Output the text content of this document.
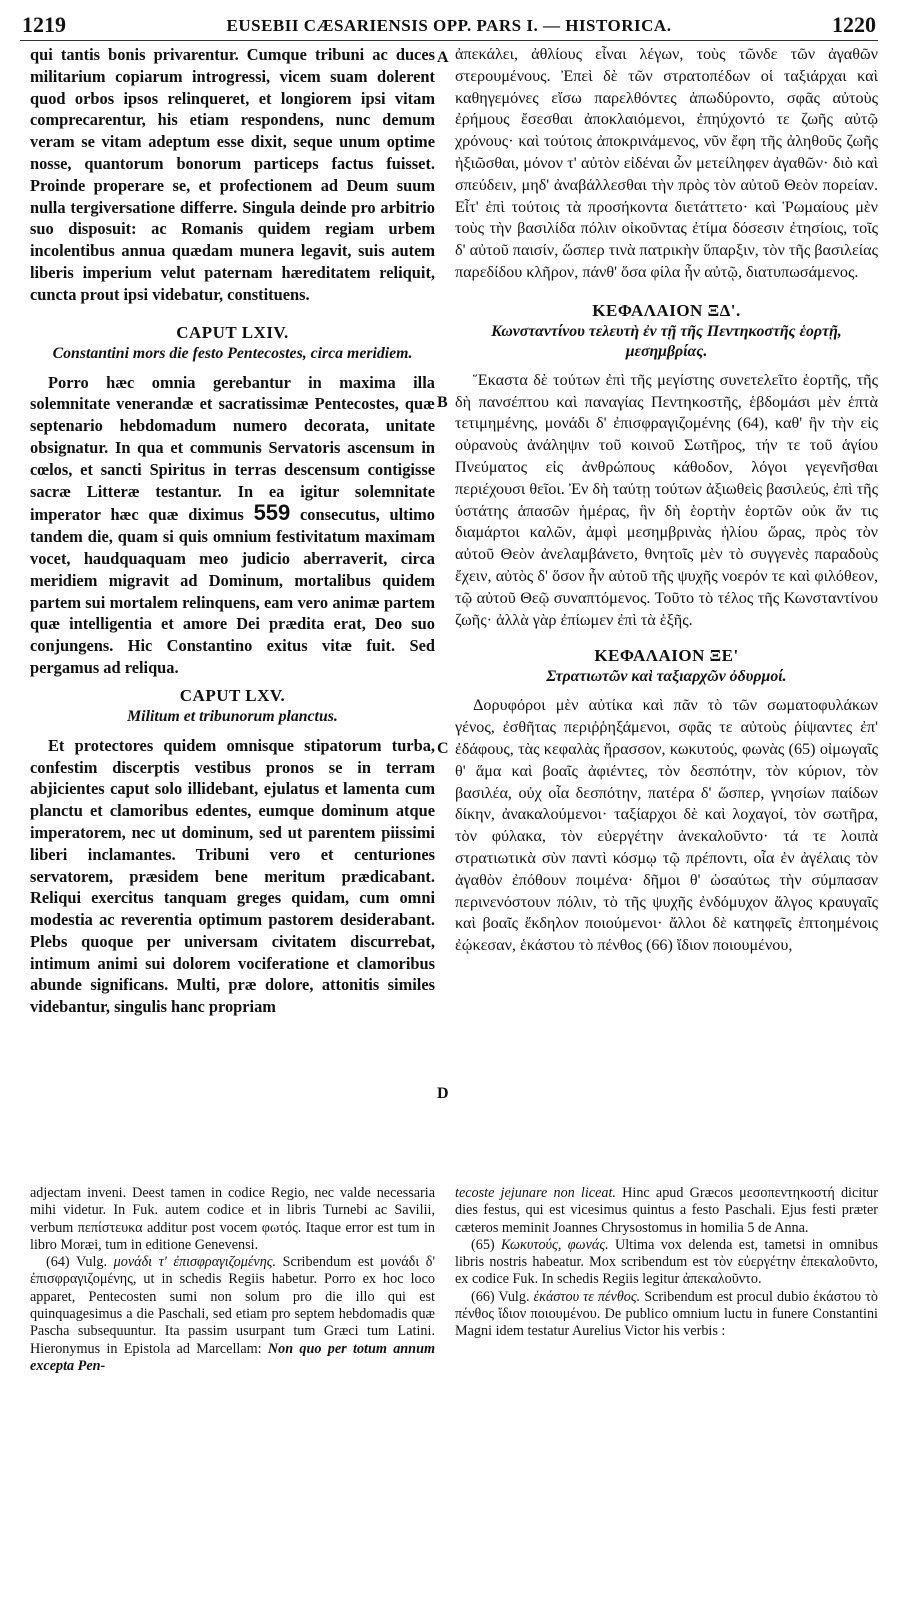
1219	EUSEBII CÆSARIENSIS OPP. PARS I. — HISTORICA.	1220
A
B
C
D

qui tantis bonis privarentur. Cumque tribuni ac duces militarium copiarum introgressi, vicem suam dolerent quod orbos ipsos relinqueret, et longiorem ipsi vitam comprecarentur, his etiam respondens, nunc demum veram se vitam adeptum esse dixit, seque unum optime nosse, quantorum bonorum particeps factus fuisset. Proinde properare se, et profectionem ad Deum suum nulla tergiversatione differre. Singula deinde pro arbitrio suo disposuit: ac Romanis quidem regiam urbem incolentibus annua quædam munera legavit, suis autem liberis imperium velut paternam hæreditatem reliquit, cuncta prout ipsi videbatur, constituens.

CAPUT LXIV.
Constantini mors die festo Pentecostes, circa meridiem.

Porro hæc omnia gerebantur in maxima illa solemnitate venerandæ et sacratissimæ Pentecostes, quæ septenario hebdomadum numero decorata, unitate obsignatur. In qua et communis Servatoris ascensum in cœlos, et sancti Spiritus in terras descensum contigisse sacræ Litteræ testantur. In ea igitur solemnitate imperator hæc quæ diximus 559 consecutus, ultimo tandem die, quam si quis omnium festivitatum maximam vocet, haudquaquam meo judicio aberraverit, circa meridiem migravit ad Dominum, mortalibus quidem partem sui mortalem relinquens, eam vero animæ partem quæ intelligentia et amore Dei prædita erat, Deo suo conjungens. Hic Constantino exitus vitæ fuit. Sed pergamus ad reliqua.

CAPUT LXV.
Militum et tribunorum planctus.

Et protectores quidem omnisque stipatorum turba, confestim discerptis vestibus pronos se in terram abjicientes caput solo illidebant, ejulatus et lamenta cum planctu et clamoribus edentes, eumque dominum atque imperatorem, nec ut dominum, sed ut parentem piissimi liberi inclamantes. Tribuni vero et centuriones servatorem, præsidem bene meritum prædicabant. Reliqui exercitus tanquam greges quidam, cum omni modestia ac reverentia optimum pastorem desiderabant. Plebs quoque per universam civitatem discurrebat, intimum animi sui dolorem vociferatione et clamoribus abunde significans. Multi, præ dolore, attonitis similes videbantur, singulis hanc propriam

ἀπεκάλει, ἀθλίους εἶναι λέγων, τοὺς τῶνδε τῶν ἀγαθῶν στερουμένους. Ἐπεὶ δὲ τῶν στρατοπέδων οἱ ταξιάρχαι καὶ καθηγεμόνες εἴσω παρελθόντες ἀπωδύροντο, σφᾶς αὐτοὺς ἐρήμους ἔσεσθαι ἀποκλαιόμενοι, ἐπηύχοντό τε ζωῆς αὐτῷ χρόνους· καὶ τούτοις ἀποκρινάμενος, νῦν ἔφη τῆς ἀληθοῦς ζωῆς ἠξιῶσθαι, μόνον τ' αὐτὸν εἰδέναι ὧν μετείληφεν ἀγαθῶν· διὸ καὶ σπεύδειν, μηδ' ἀναβάλλεσθαι τὴν πρὸς τὸν αὐτοῦ Θεὸν πορείαν. Εἶτ' ἐπὶ τούτοις τὰ προσήκοντα διετάττετο· καὶ Ῥωμαίους μὲν τοὺς τὴν βασιλίδα πόλιν οἰκοῦντας ἐτίμα δόσεσιν ἐτησίοις, τοῖς δ' αὐτοῦ παισίν, ὥσπερ τινὰ πατρικὴν ὕπαρξιν, τὸν τῆς βασιλείας παρεδίδου κλῆρον, πάνθ' ὅσα φίλα ἦν αὐτῷ, διατυπωσάμενος.

ΚΕΦΑΛΑΙΟΝ ΞΔ'.
Κωνσταντίνου τελευτὴ ἐν τῇ τῆς Πεντηκοστῆς ἑορτῇ, μεσημβρίας.

Ἕκαστα δὲ τούτων ἐπὶ τῆς μεγίστης συνετελεῖτο ἑορτῆς, τῆς δὴ πανσέπτου καὶ παναγίας Πεντηκοστῆς, ἑβδομάσι μὲν ἑπτὰ τετιμημένης, μονάδι δ' ἐπισφραγιζομένης (64), καθ' ἣν τὴν εἰς οὐρανοὺς ἀνάληψιν τοῦ κοινοῦ Σωτῆρος, τήν τε τοῦ ἁγίου Πνεύματος εἰς ἀνθρώπους κάθοδον, λόγοι γεγενῆσθαι περιέχουσι θεῖοι. Ἐν δὴ ταύτῃ τούτων ἀξιωθεὶς βασιλεύς, ἐπὶ τῆς ὑστάτης ἁπασῶν ἡμέρας, ἣν δὴ ἑορτὴν ἑορτῶν οὐκ ἄν τις διαμάρτοι καλῶν, ἀμφὶ μεσημβρινὰς ἡλίου ὥρας, πρὸς τὸν αὐτοῦ Θεὸν ἀνελαμβάνετο, θνητοῖς μὲν τὸ συγγενὲς παραδοὺς ἔχειν, αὐτὸς δ' ὅσον ἦν αὐτοῦ τῆς ψυχῆς νοερόν τε καὶ φιλόθεον, τῷ αὐτοῦ Θεῷ συναπτόμενος. Τοῦτο τὸ τέλος τῆς Κωνσταντίνου ζωῆς· ἀλλὰ γὰρ ἐπίωμεν ἐπὶ τὰ ἑξῆς.

ΚΕΦΑΛΑΙΟΝ ΞΕ'
Στρατιωτῶν καὶ ταξιαρχῶν ὀδυρμοί.

Δορυφόροι μὲν αὐτίκα καὶ πᾶν τὸ τῶν σωματοφυλάκων γένος, ἐσθῆτας περιῤῥηξάμενοι, σφᾶς τε αὐτοὺς ῥίψαντες ἐπ' ἐδάφους, τὰς κεφαλὰς ἤρασσον, κωκυτούς, φωνὰς (65) οἰμωγαῖς θ' ἅμα καὶ βοαῖς ἀφιέντες, τὸν δεσπότην, τὸν κύριον, τὸν βασιλέα, οὐχ οἷα δεσπότην, πατέρα δ' ὥσπερ, γνησίων παίδων δίκην, ἀνακαλούμενοι· ταξίαρχοι δὲ καὶ λοχαγοί, τὸν σωτῆρα, τὸν φύλακα, τὸν εὐεργέτην ἀνεκαλοῦντο· τά τε λοιπὰ στρατιωτικὰ σὺν παντὶ κόσμῳ τῷ πρέποντι, οἷα ἐν ἀγέλαις τὸν ἀγαθὸν ἐπόθουν ποιμένα· δῆμοι θ' ὡσαύτως τὴν σύμπασαν περινενόστουν πόλιν, τὸ τῆς ψυχῆς ἐνδόμυχον ἄλγος κραυγαῖς καὶ βοαῖς ἔκδηλον ποιούμενοι· ἄλλοι δὲ κατηφεῖς ἐπτοημένοις ἐῴκεσαν, ἑκάστου τὸ πένθος (66) ἴδιον ποιουμένου,

adjectam inveni. Deest tamen in codice Regio, nec valde necessaria mihi videtur. In Fuk. autem codice et in libris Turnebi ac Savilii, verbum πεπίστευκα additur post vocem φωτός. Itaque error est tum in libro Moræi, tum in editione Genevensi.

(64) Vulg. μονάδι τ' ἐπισφραγιζομένης. Scribendum est μονάδι δ' ἐπισφραγιζομένης, ut in schedis Regiis habetur. Porro ex hoc loco apparet, Pentecosten sumi non solum pro die illo qui est quinquagesimus a die Paschali, sed etiam pro septem hebdomadis quæ Pascha subsequuntur. Ita passim usurpant tum Græci tum Latini. Hieronymus in Epistola ad Marcellam: Non quo per totum annum excepta Pen-

tecoste jejunare non liceat. Hinc apud Græcos μεσοπεντηκοστή dicitur dies festus, qui est vicesimus quintus a festo Paschali. Ejus festi præter cæteros meminit Joannes Chrysostomus in homilia 5 de Anna.

(65) Κωκυτούς, φωνάς. Ultima vox delenda est, tametsi in omnibus libris nostris habeatur. Mox scribendum est τὸν εὐεργέτην ἐπεκαλοῦντο, ex codice Fuk. In schedis Regiis legitur ἀπεκαλοῦντο.

(66) Vulg. ἑκάστου τε πένθος. Scribendum est procul dubio ἑκάστου τὸ πένθος ἴδιον ποιουμένου. De publico omnium luctu in funere Constantini Magni idem testatur Aurelius Victor his verbis :
